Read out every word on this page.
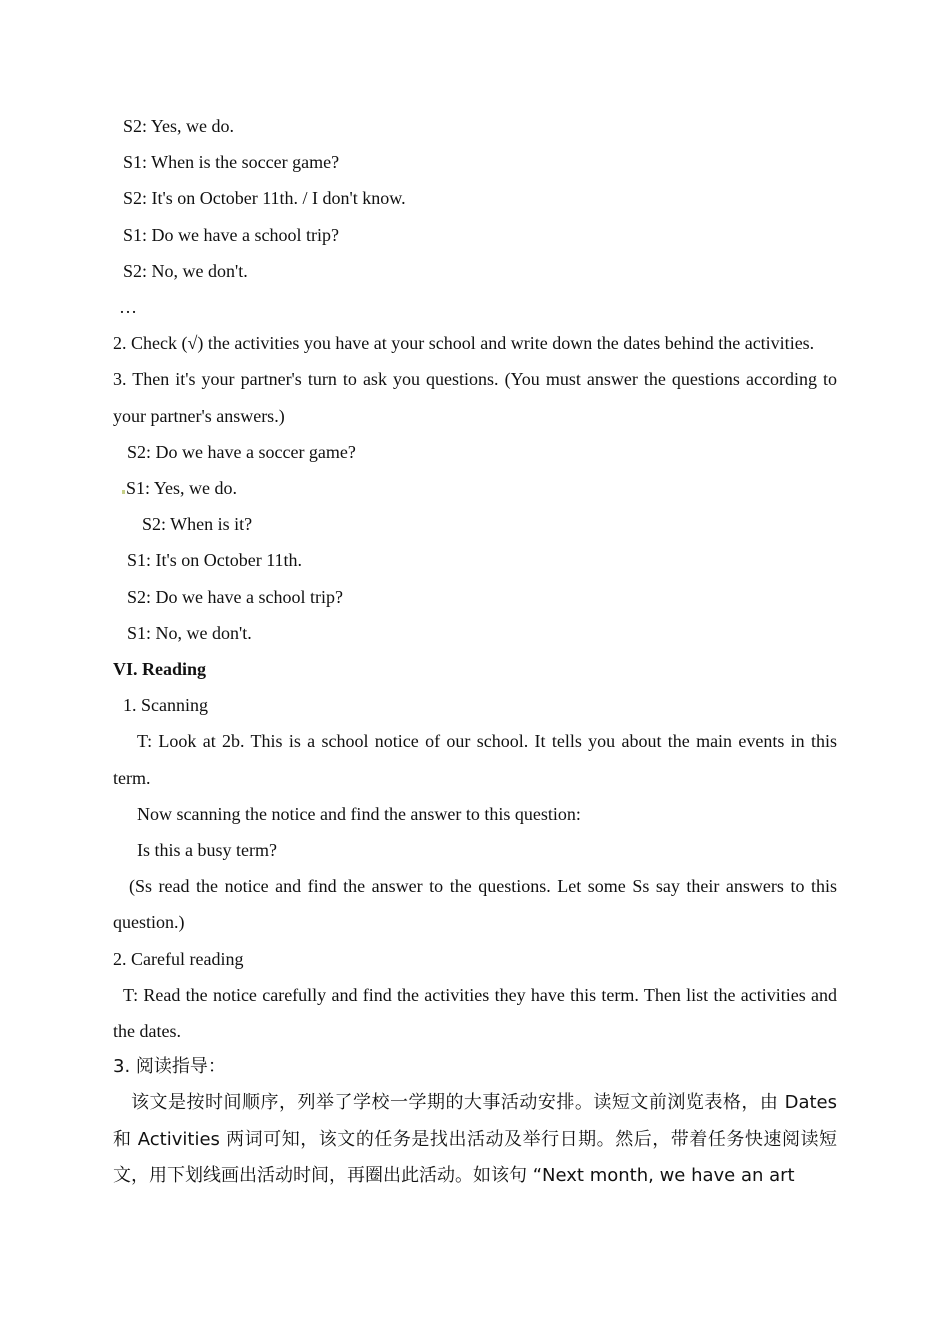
S2: Yes, we do.
S1: When is the soccer game?
S2: It's on October 11th. / I don't know.
S1: Do we have a school trip?
S2: No, we don't.
…
2. Check (√) the activities you have at your school and write down the dates behind the activities.
3. Then it's your partner's turn to ask you questions. (You must answer the questions according to your partner's answers.)
S2: Do we have a soccer game?
S1: Yes, we do.
S2: When is it?
S1: It's on October 11th.
S2: Do we have a school trip?
S1: No, we don't.
VI. Reading
1. Scanning
T: Look at 2b. This is a school notice of our school. It tells you about the main events in this term.
Now scanning the notice and find the answer to this question:
Is this a busy term?
(Ss read the notice and find the answer to the questions. Let some Ss say their answers to this question.)
2. Careful reading
T: Read the notice carefully and find the activities they have this term. Then list the activities and the dates.
3. 阅读指导：
该文是按时间顺序，列举了学校一学期的大事活动安排。读短文前浏览表格，由 Dates 和 Activities 两词可知，该文的任务是找出活动及举行日期。然后，带着任务快速阅读短文，用下划线画出活动时间，再圈出此活动。如该句 “Next month, we have an art
